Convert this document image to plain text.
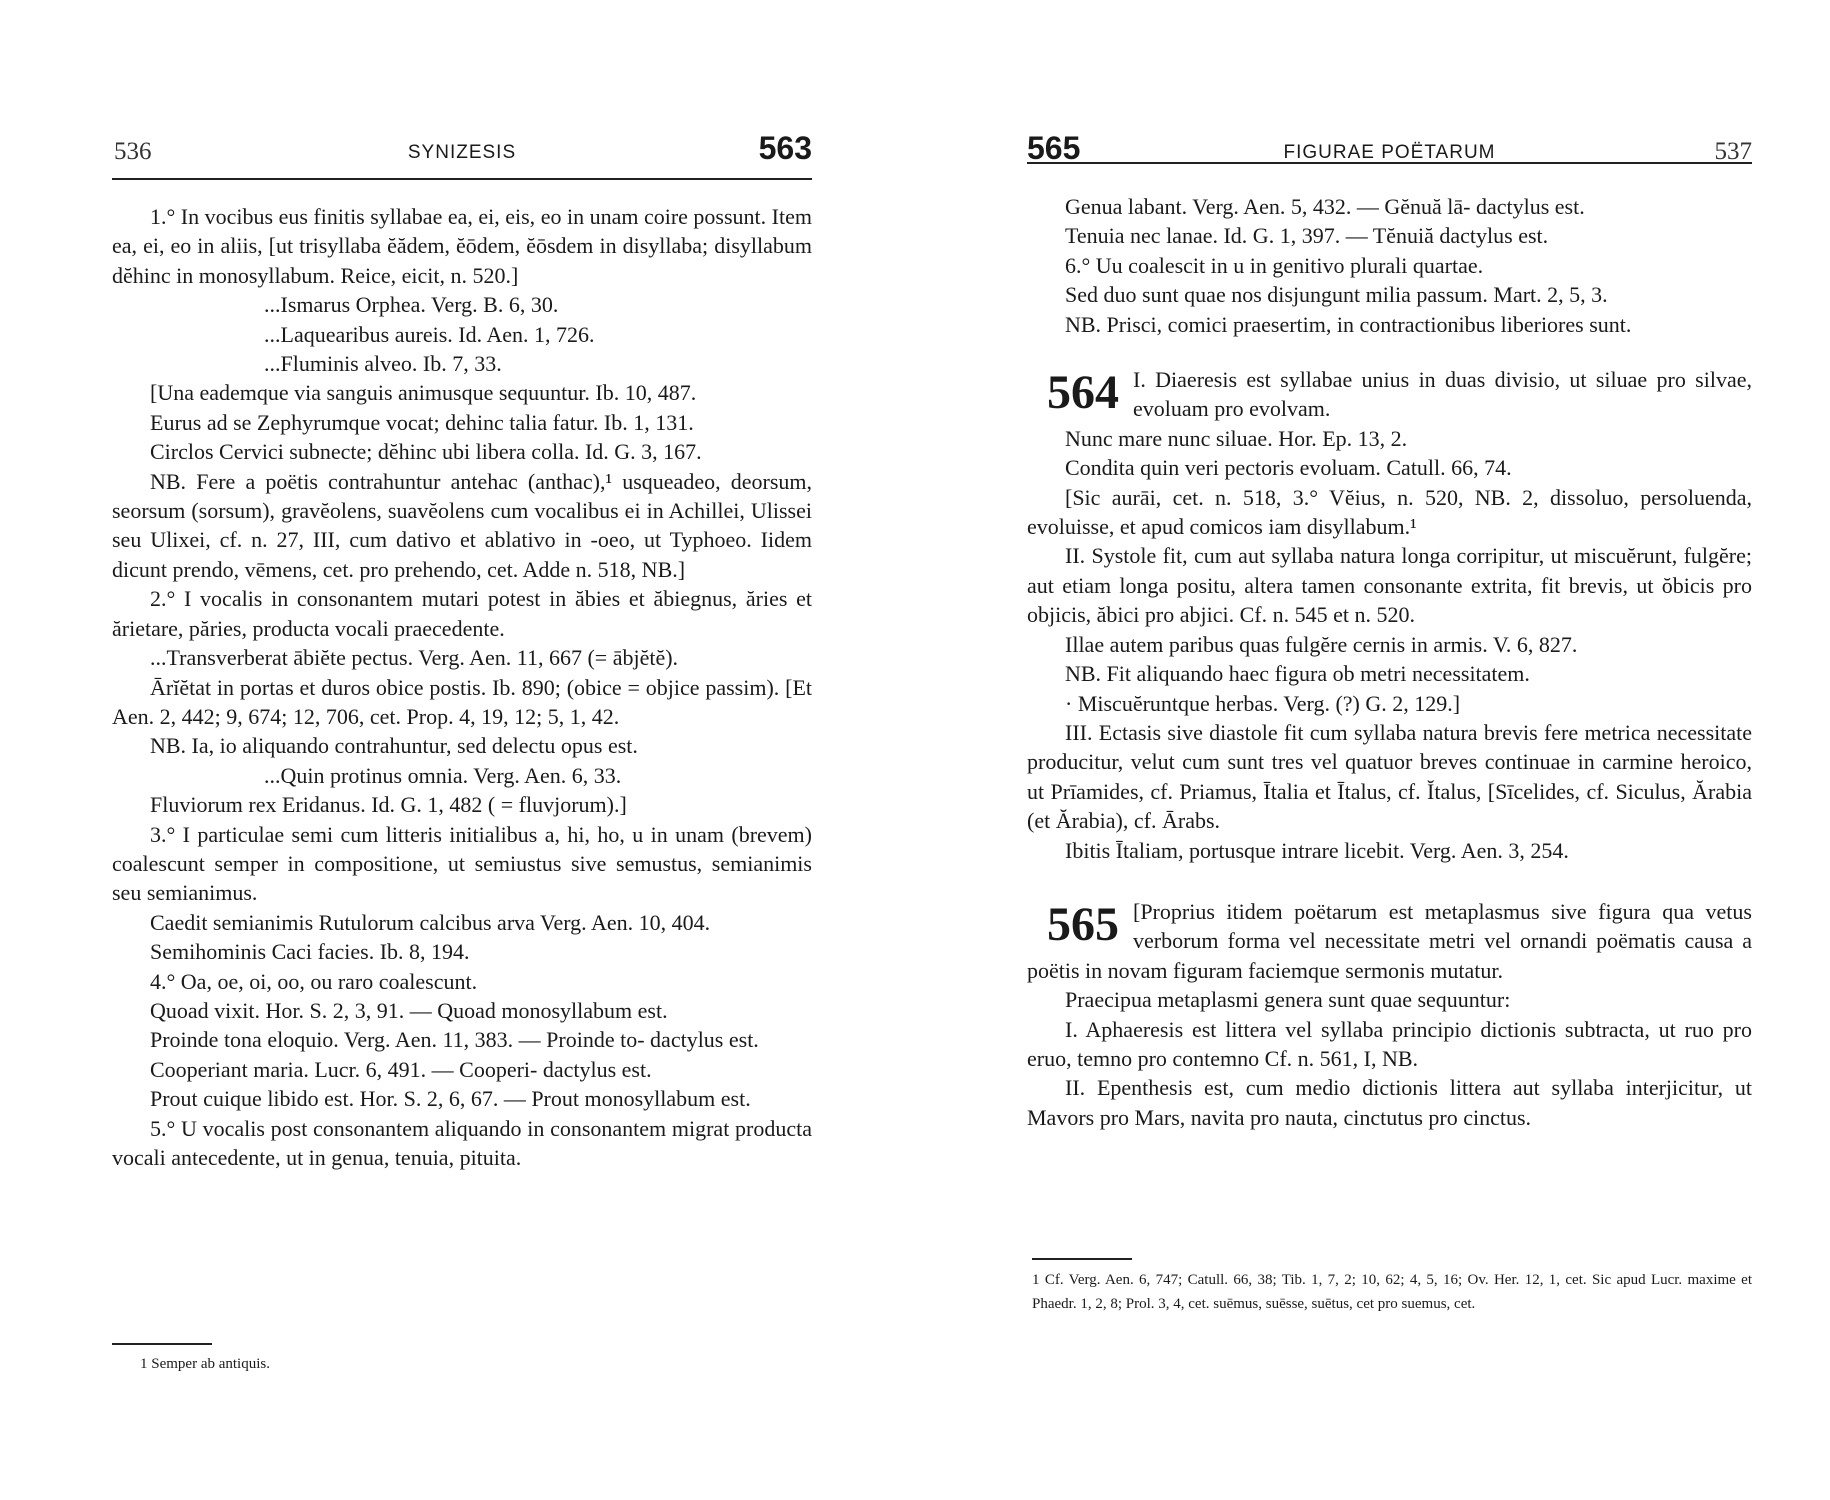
536	SYNIZESIS	563

1.° In vocibus eus finitis syllabae ea, ei, eis, eo in unam coire possunt. Item ea, ei, eo in aliis, [ut trisyllaba ĕădem, ĕōdem, ĕōsdem in disyllaba; disyllabum dĕhinc in monosyllabum. Reice, eicit, n. 520.]

...Ismarus Orphea. Verg. B. 6, 30.

...Laquearibus aureis. Id. Aen. 1, 726.

...Fluminis alveo. Ib. 7, 33.

[Una eademque via sanguis animusque sequuntur. Ib. 10, 487.

Eurus ad se Zephyrumque vocat; dehinc talia fatur. Ib. 1, 131.

Circlos Cervici subnecte; dĕhinc ubi libera colla. Id. G. 3, 167.

NB. Fere a poëtis contrahuntur antehac (anthac),¹ usqueadeo, deorsum, seorsum (sorsum), gravĕolens, suavĕolens cum vocalibus ei in Achillei, Ulissei seu Ulixei, cf. n. 27, III, cum dativo et ablativo in -oeo, ut Typhoeo. Iidem dicunt prendo, vēmens, cet. pro prehendo, cet. Adde n. 518, NB.]

2.° I vocalis in consonantem mutari potest in ăbies et ăbiegnus, ăries et ărietare, păries, producta vocali praecedente.

...Transverberat ābiĕte pectus. Verg. Aen. 11, 667 (= ābjĕtĕ).

Ārĭĕtat in portas et duros obice postis. Ib. 890; (obice = objice passim). [Et Aen. 2, 442; 9, 674; 12, 706, cet. Prop. 4, 19, 12; 5, 1, 42.

NB. Ia, io aliquando contrahuntur, sed delectu opus est.

...Quin protinus omnia. Verg. Aen. 6, 33.

Fluviorum rex Eridanus. Id. G. 1, 482 ( = fluvjorum).]

3.° I particulae semi cum litteris initialibus a, hi, ho, u in unam (brevem) coalescunt semper in compositione, ut semiustus sive semustus, semianimis seu semianimus.

Caedit semianimis Rutulorum calcibus arva Verg. Aen. 10, 404.

Semihominis Caci facies. Ib. 8, 194.

4.° Oa, oe, oi, oo, ou raro coalescunt.

Quoad vixit. Hor. S. 2, 3, 91. — Quoad monosyllabum est.

Proinde tona eloquio. Verg. Aen. 11, 383. — Proinde to- dactylus est.

Cooperiant maria. Lucr. 6, 491. — Cooperi- dactylus est.

Prout cuique libido est. Hor. S. 2, 6, 67. — Prout monosyllabum est.

5.° U vocalis post consonantem aliquando in consonantem migrat producta vocali antecedente, ut in genua, tenuia, pituita.

1 Semper ab antiquis.
565	FIGURAE POËTARUM	537

Genua labant. Verg. Aen. 5, 432. — Gĕnuă lā- dactylus est.

Tenuia nec lanae. Id. G. 1, 397. — Tĕnuiă dactylus est.

6.° Uu coalescit in u in genitivo plurali quartae.

Sed duo sunt quae nos disjungunt milia passum. Mart. 2, 5, 3.

NB. Prisci, comici praesertim, in contractionibus liberiores sunt.

564 I. Diaeresis est syllabae unius in duas divisio, ut siluae pro silvae, evoluam pro evolvam.

Nunc mare nunc siluae. Hor. Ep. 13, 2.

Condita quin veri pectoris evoluam. Catull. 66, 74.

[Sic aurāi, cet. n. 518, 3.° Vĕius, n. 520, NB. 2, dissoluo, persoluenda, evoluisse, et apud comicos iam disyllabum.¹

II. Systole fit, cum aut syllaba natura longa corripitur, ut miscuĕrunt, fulgĕre; aut etiam longa positu, altera tamen consonante extrita, fit brevis, ut ŏbicis pro objicis, ăbici pro abjici. Cf. n. 545 et n. 520.

Illae autem paribus quas fulgĕre cernis in armis. V. 6, 827.

NB. Fit aliquando haec figura ob metri necessitatem.

· Miscuĕruntque herbas. Verg. (?) G. 2, 129.]

III. Ectasis sive diastole fit cum syllaba natura brevis fere metrica necessitate producitur, velut cum sunt tres vel quatuor breves continuae in carmine heroico, ut Prīamides, cf. Priamus, Ītalia et Ītalus, cf. Ĭtalus, [Sīcelides, cf. Siculus, Ărabia (et Ărabia), cf. Ārabs.

Ibitis Ītaliam, portusque intrare licebit. Verg. Aen. 3, 254.

565 [Proprius itidem poëtarum est metaplasmus sive figura qua vetus verborum forma vel necessitate metri vel ornandi poëmatis causa a poëtis in novam figuram faciemque sermonis mutatur.

Praecipua metaplasmi genera sunt quae sequuntur:

I. Aphaeresis est littera vel syllaba principio dictionis subtracta, ut ruo pro eruo, temno pro contemno Cf. n. 561, I, NB.

II. Epenthesis est, cum medio dictionis littera aut syllaba interjicitur, ut Mavors pro Mars, navita pro nauta, cinctutus pro cinctus.

1 Cf. Verg. Aen. 6, 747; Catull. 66, 38; Tib. 1, 7, 2; 10, 62; 4, 5, 16; Ov. Her. 12, 1, cet. Sic apud Lucr. maxime et Phaedr. 1, 2, 8; Prol. 3, 4, cet. suēmus, suēsse, suētus, cet pro suemus, cet.
